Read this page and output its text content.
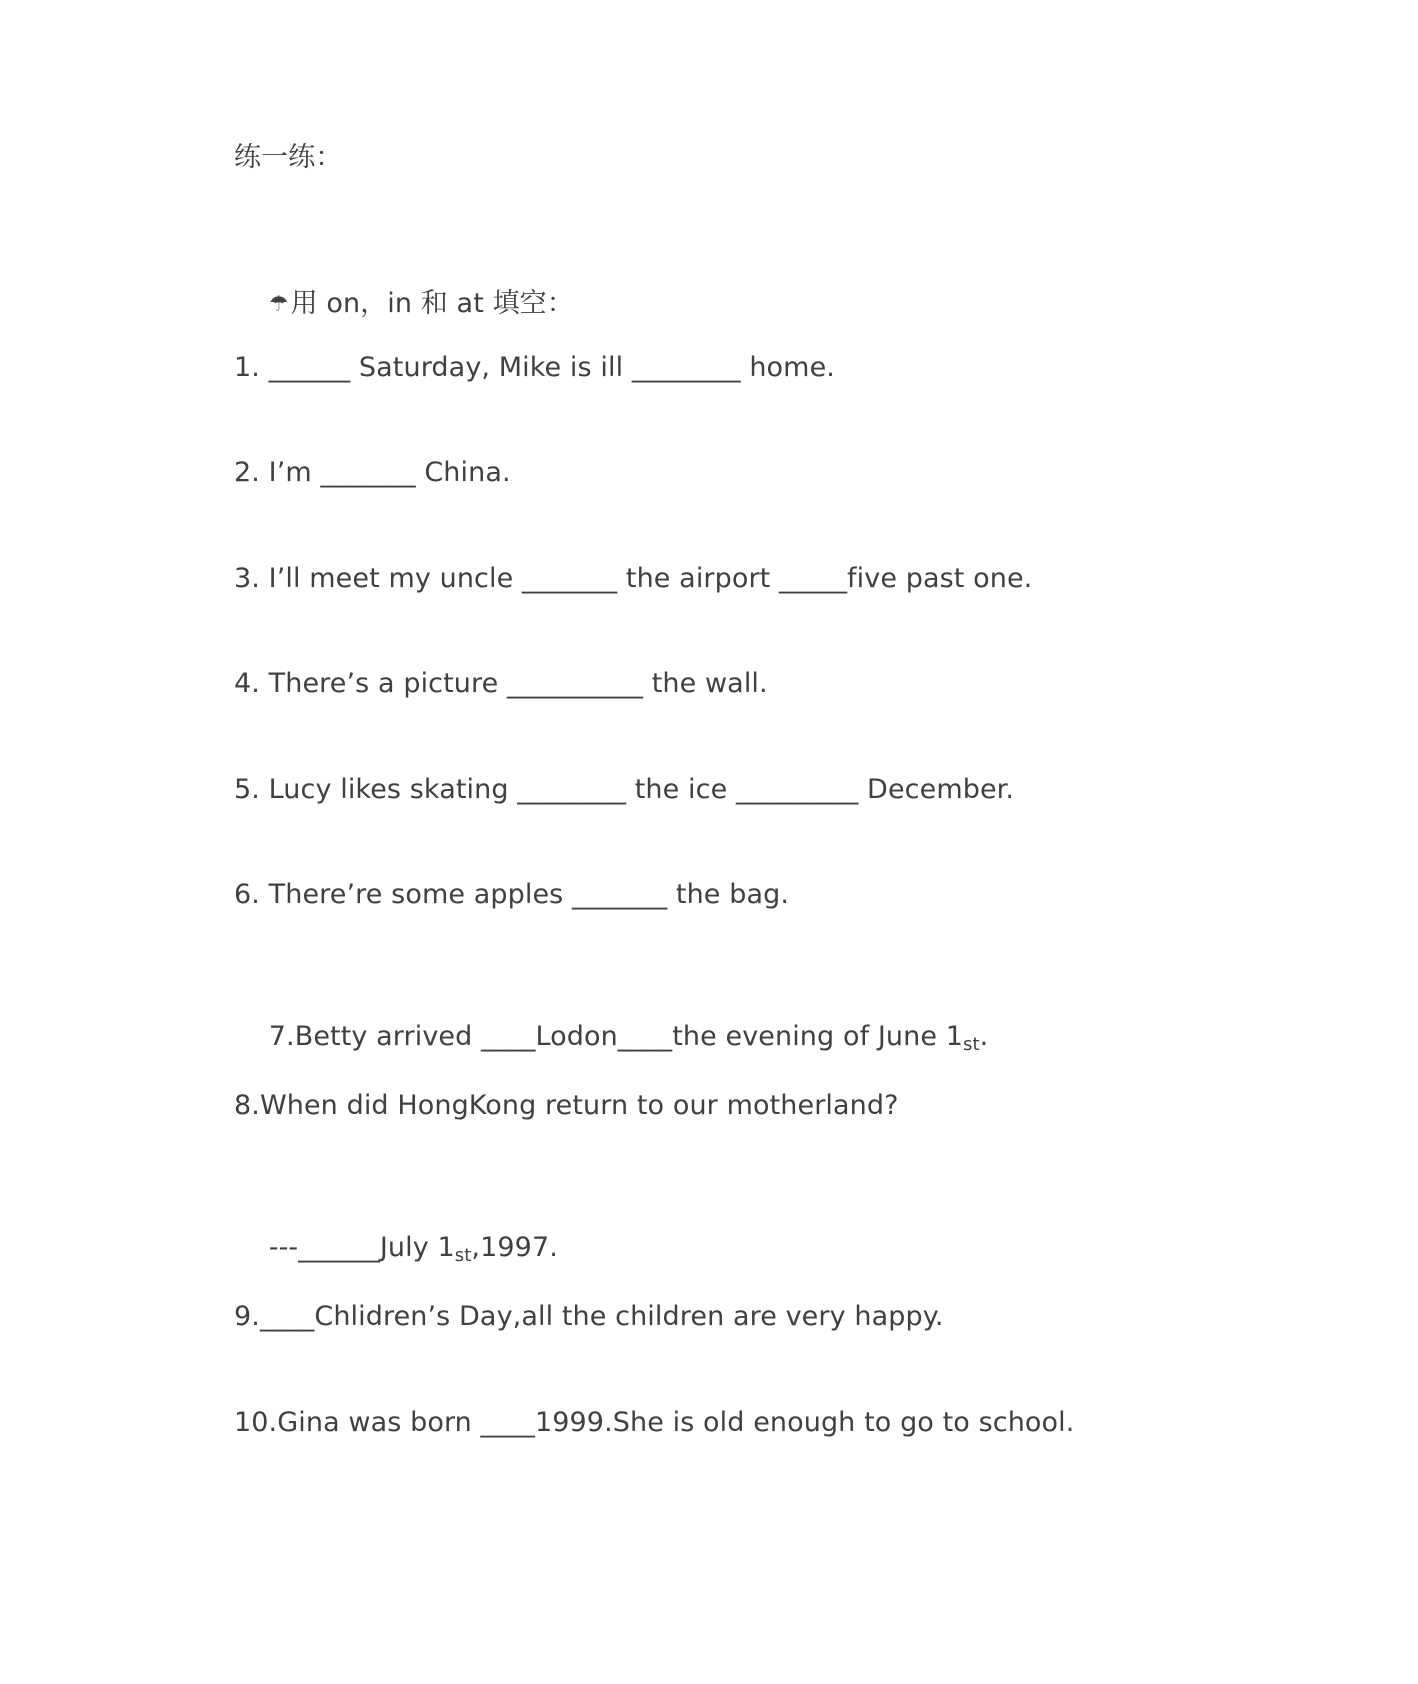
练一练：

☂用 on，in 和 at 填空：

1. ______ Saturday, Mike is ill ________ home.
2. I’m _______ China.
3. I’ll meet my uncle _______ the airport _____five past one.
4. There’s a picture __________ the wall.
5. Lucy likes skating ________ the ice _________ December.
6. There’re some apples _______ the bag.

7.Betty arrived ____Lodon____the evening of June $1_{st}$.

8.When did HongKong return to our motherland?

---______July $1_{st},1997$.

9.____Chlidren’s Day,all the children are very happy.
10.Gina was born ____1999.She is old enough to go to school.
